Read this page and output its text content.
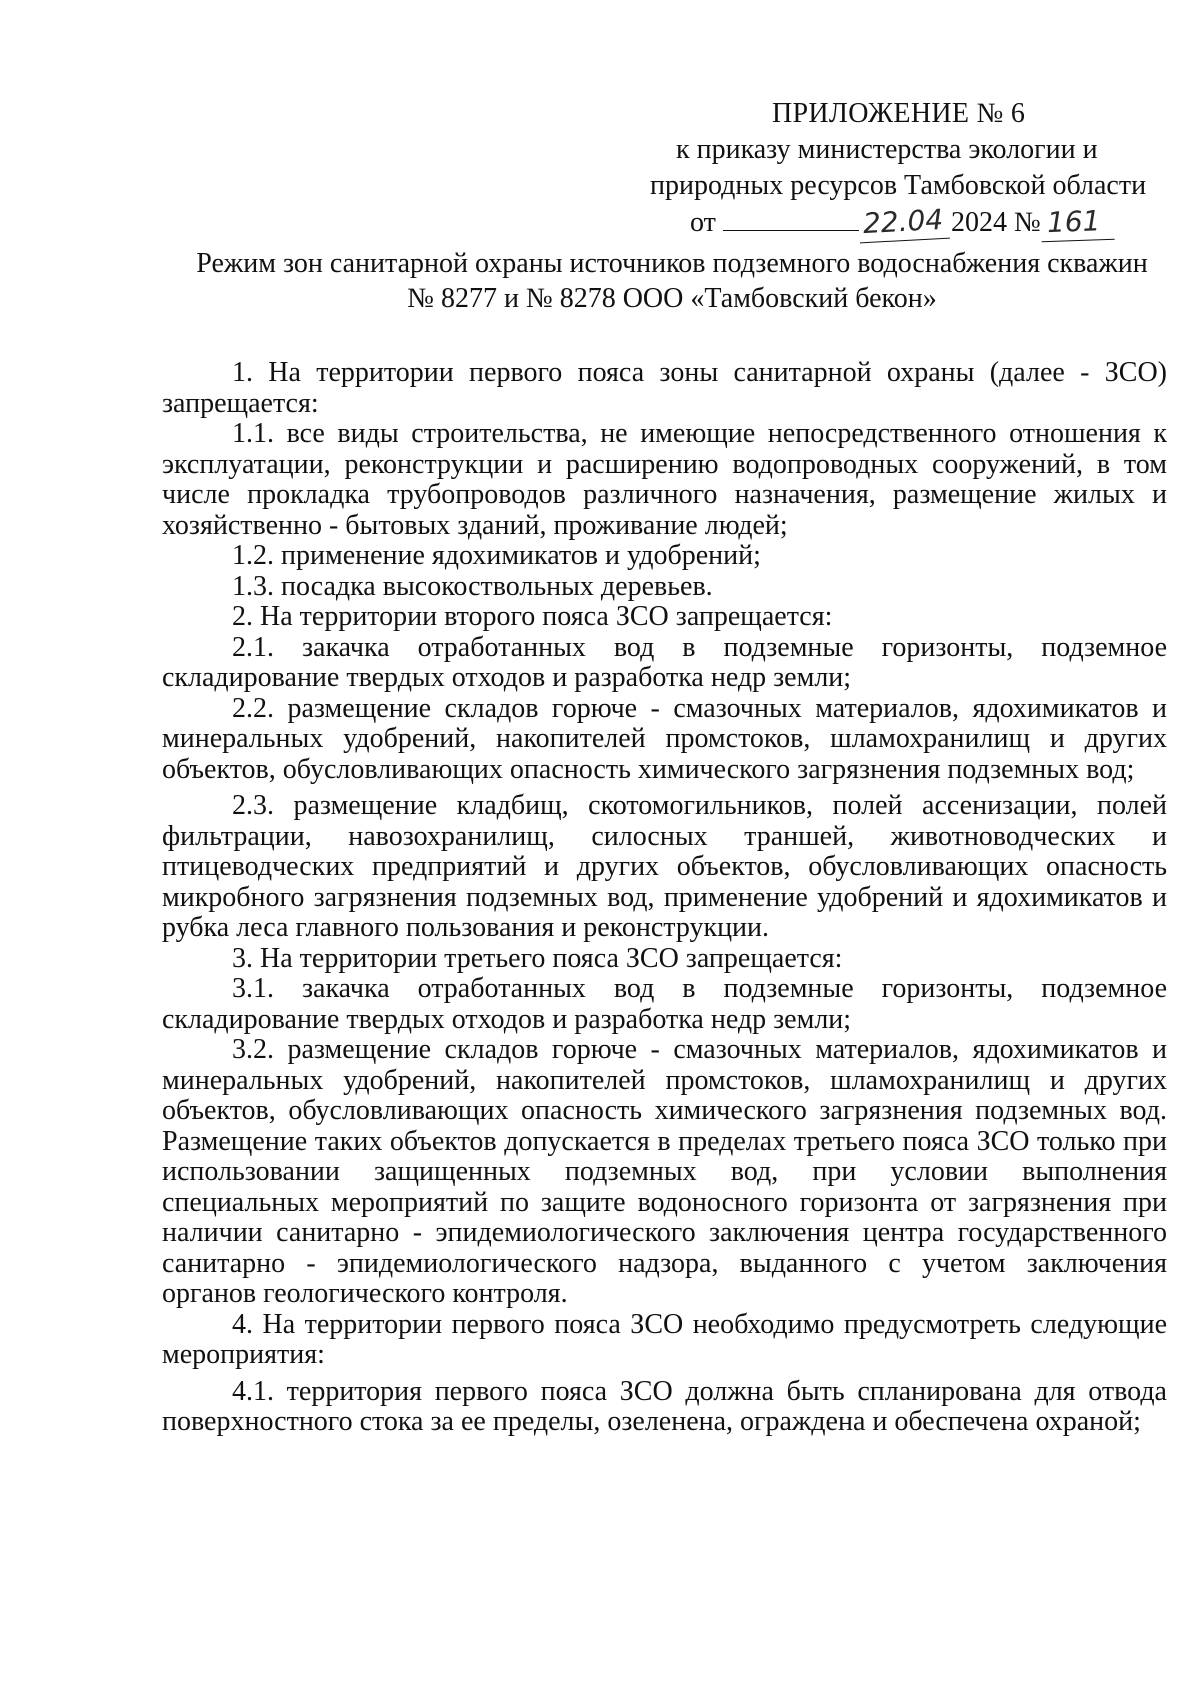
ПРИЛОЖЕНИЕ № 6
к приказу министерства экологии и
природных ресурсов Тамбовской области
от	22.04 2024 № 161
Режим зон санитарной охраны источников подземного водоснабжения скважин
№ 8277 и № 8278 ООО «Тамбовский бекон»

1. На территории первого пояса зоны санитарной охраны (далее - ЗСО) запрещается:

1.1. все виды строительства, не имеющие непосредственного отношения к эксплуатации, реконструкции и расширению водопроводных сооружений, в том числе прокладка трубопроводов различного назначения, размещение жилых и хозяйственно - бытовых зданий, проживание людей;

1.2. применение ядохимикатов и удобрений;

1.3. посадка высокоствольных деревьев.

2. На территории второго пояса ЗСО запрещается:

2.1. закачка отработанных вод в подземные горизонты, подземное складирование твердых отходов и разработка недр земли;

2.2. размещение складов горюче - смазочных материалов, ядохимикатов и минеральных удобрений, накопителей промстоков, шламохранилищ и других объектов, обусловливающих опасность химического загрязнения подземных вод;

2.3. размещение кладбищ, скотомогильников, полей ассенизации, полей фильтрации, навозохранилищ, силосных траншей, животноводческих и птицеводческих предприятий и других объектов, обусловливающих опасность микробного загрязнения подземных вод, применение удобрений и ядохимикатов и рубка леса главного пользования и реконструкции.

3. На территории третьего пояса ЗСО запрещается:

3.1. закачка отработанных вод в подземные горизонты, подземное складирование твердых отходов и разработка недр земли;

3.2. размещение складов горюче - смазочных материалов, ядохимикатов и минеральных удобрений, накопителей промстоков, шламохранилищ и других объектов, обусловливающих опасность химического загрязнения подземных вод. Размещение таких объектов допускается в пределах третьего пояса ЗСО только при использовании защищенных подземных вод, при условии выполнения специальных мероприятий по защите водоносного горизонта от загрязнения при наличии санитарно - эпидемиологического заключения центра государственного санитарно - эпидемиологического надзора, выданного с учетом заключения органов геологического контроля.

4. На территории первого пояса ЗСО необходимо предусмотреть следующие мероприятия:

4.1. территория первого пояса ЗСО должна быть спланирована для отвода поверхностного стока за ее пределы, озеленена, ограждена и обеспечена охраной;
